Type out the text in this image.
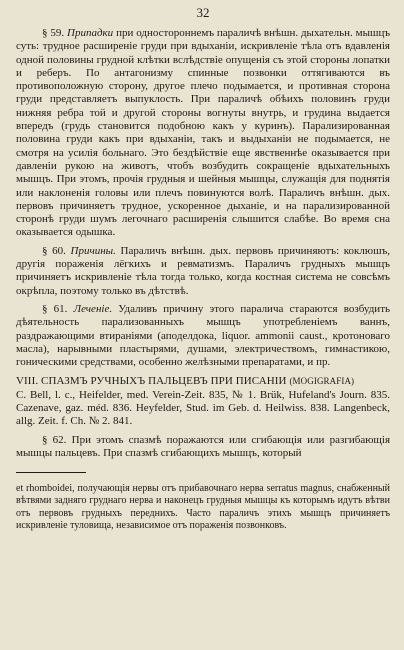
32

§ 59. Припадки при одностороннемъ параличѣ внѣшн. дыхательн. мышцъ суть: трудное расширеніе груди при вдыханіи, искривленіе тѣла отъ вдавленія одной половины грудной клѣтки вслѣдствіе опущенія съ этой стороны лопатки и реберъ. По антагонизму спинные позвонки оттягиваются въ противоположную сторону, другое плечо подымается, и противная сторона груди представляетъ выпуклость. При параличѣ обѣихъ половинъ груди нижняя ребра той и другой стороны вогнуты внутрь, и грудина выдается впередъ (грудь становится подобною какъ у куринъ). Парализированная половина груди какъ при вдыханіи, такъ и выдыханіи не подымается, не смотря на усилія больнаго. Это бездѣйствіе еще явственнѣе оказывается при давленіи рукою на животъ, чтобъ возбудить сокращеніе вдыхательныхъ мышцъ. При этомъ, прочія грудныя и шейныя мышцы, служащія для поднятія или наклоненія головы или плечъ повинуются волѣ. Параличъ внѣшн. дых. первовъ причиняетъ трудное, ускоренное дыханіе, и на парализированной сторонѣ груди шумъ легочнаго расширенія слышится слабѣе. Во время сна оказывается одышка.

§ 60. Причины. Параличъ внѣшн. дых. первовъ причиняютъ: коклюшъ, другія пораженія лёгкихъ и ревматизмъ. Параличъ грудныхъ мышцъ причиняетъ искривленіе тѣла тогда только, когда костная система не совсѣмъ окрѣпла, поэтому только въ дѣтствѣ.

§ 61. Леченіе. Удаливъ причину этого паралича стараются возбудить дѣятельность парализованныхъ мышцъ употребленіемъ ваннъ, раздражающими втираніями (аподелдока, liquor. ammonii caust., кротоноваго масла), нарывными пластырями, душами, электричествомъ, гимнастикою, гоническими средствами, особенно желѣзными препаратами, и пр.

VIII. СПАЗМЪ РУЧНЫХЪ ПАЛЬЦЕВЪ ПРИ ПИСАНІИ (MOGIGRAFIA)

C. Bell, l. c., Heifelder, med. Verein-Zeit. 835, № 1. Brük, Hufeland's Journ. 835. Cazenave, gaz. méd. 836. Heyfelder, Stud. im Geb. d. Heilwiss. 838. Langenbeck, allg. Zeit. f. Ch. № 2. 841.

§ 62. При этомъ спазмѣ поражаются или сгибающія или разгибающія мышцы пальцевъ. При спазмѣ сгибающихъ мышцъ, который

et rhomboidei, получающія нервы отъ прибавочнаго нерва serratus magnus, снабженный вѣтвями задняго груднаго нерва и наконецъ грудныя мышцы къ которымъ идутъ вѣтви отъ первовъ грудныхъ переднихъ. Часто параличъ этихъ мышцъ причиняетъ искривленіе туловища, независимое отъ пораженія позвонковъ.
